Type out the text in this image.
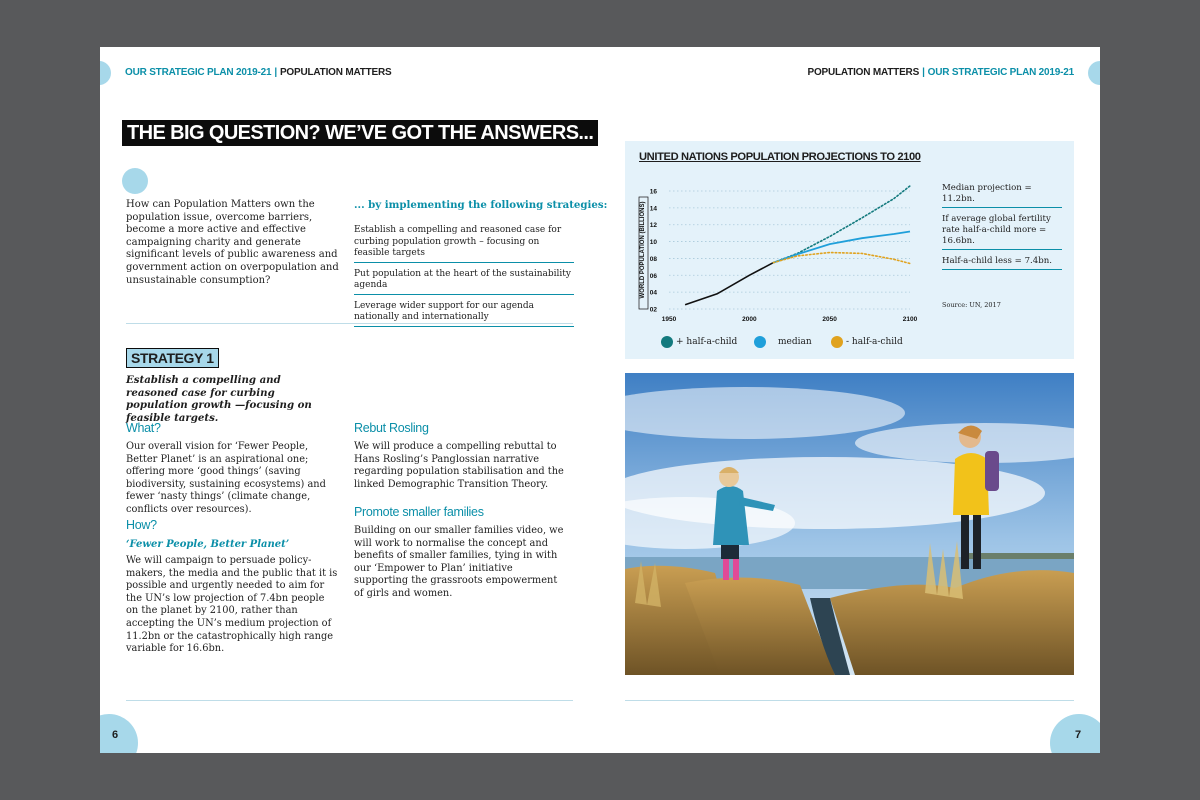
OUR STRATEGIC PLAN 2019-21 | POPULATION MATTERS	POPULATION MATTERS | OUR STRATEGIC PLAN 2019-21
THE BIG QUESTION? WE’VE GOT THE ANSWERS...
How can Population Matters own the population issue, overcome barriers, become a more active and effective campaigning charity and generate significant levels of public awareness and government action on overpopulation and unsustainable consumption?
... by implementing the following strategies:
Establish a compelling and reasoned case for curbing population growth – focusing on feasible targets
Put population at the heart of the sustainability agenda
Leverage wider support for our agenda nationally and internationally
STRATEGY 1
Establish a compelling and reasoned case for curbing population growth —focusing on feasible targets.
What?
Our overall vision for ‘Fewer People, Better Planet’ is an aspirational one; offering more ‘good things’ (saving biodiversity, sustaining ecosystems) and fewer ‘nasty things’ (climate change, conflicts over resources).
How?
‘Fewer People, Better Planet’
We will campaign to persuade policy-makers, the media and the public that it is possible and urgently needed to aim for the UN’s low projection of 7.4bn people on the planet by 2100, rather than accepting the UN’s medium projection of 11.2bn or the catastrophically high range variable for 16.6bn.
Rebut Rosling
We will produce a compelling rebuttal to Hans Rosling’s Panglossian narrative regarding population stabilisation and the linked Demographic Transition Theory.
Promote smaller families
Building on our smaller families video, we will work to normalise the concept and benefits of smaller families, tying in with our ‘Empower to Plan’ initiative supporting the grassroots empowerment of girls and women.
6	7
UNITED NATIONS POPULATION PROJECTIONS TO 2100
02
04
06
08
10
12
14
16
1950	2000	2050	2100
WORLD POPULATION (BILLIONS)
Median projection = 11.2bn.
If average global fertility rate half-a-child more = 16.6bn.
Half-a-child less = 7.4bn.
Source: UN, 2017
+ half-a-child	median	- half-a-child
